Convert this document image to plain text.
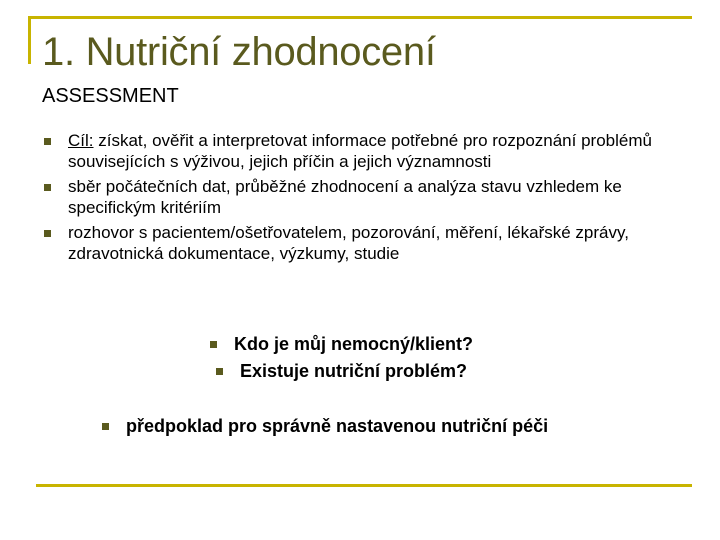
1. Nutriční zhodnocení
ASSESSMENT
Cíl: získat, ověřit a interpretovat informace potřebné pro rozpoznání problémů souvisejících s výživou, jejich příčin a jejich významnosti
sběr počátečních dat, průběžné zhodnocení a analýza stavu vzhledem ke specifickým kritériím
rozhovor s pacientem/ošetřovatelem, pozorování, měření, lékařské zprávy, zdravotnická dokumentace, výzkumy, studie
Kdo je můj nemocný/klient?
Existuje nutriční problém?
předpoklad pro správně nastavenou nutriční péči
